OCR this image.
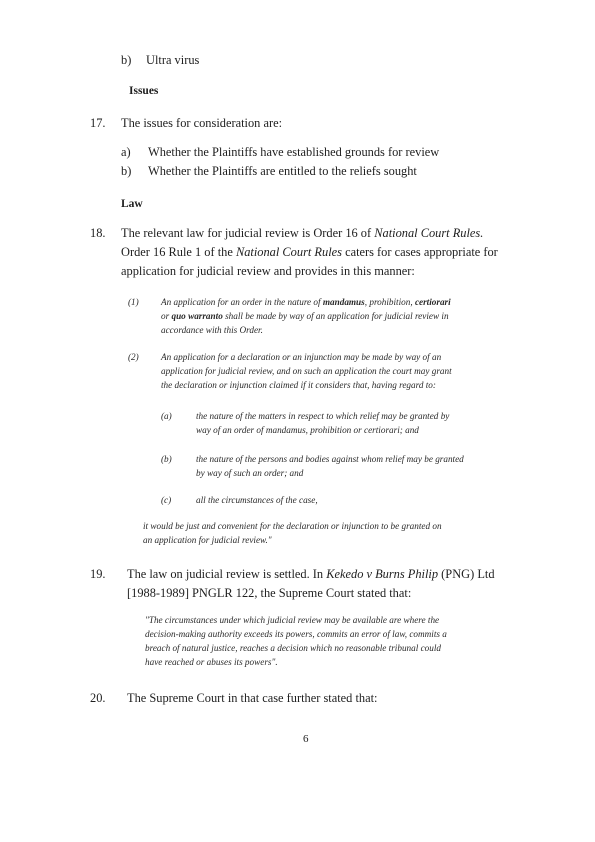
b) Ultra virus
Issues
17. The issues for consideration are:
a) Whether the Plaintiffs have established grounds for review
b) Whether the Plaintiffs are entitled to the reliefs sought
Law
18. The relevant law for judicial review is Order 16 of National Court Rules.
Order 16 Rule 1 of the National Court Rules caters for cases appropriate for
application for judicial review and provides in this manner:
(1) An application for an order in the nature of mandamus, prohibition, certiorari
or quo warranto shall be made by way of an application for judicial review in
accordance with this Order.
(2) An application for a declaration or an injunction may be made by way of an
application for judicial review, and on such an application the court may grant
the declaration or injunction claimed if it considers that, having regard to:
(a)	the nature of the matters in respect to which relief may be granted by
way of an order of mandamus, prohibition or certiorari; and
(b)	the nature of the persons and bodies against whom relief may be granted
by way of such an order; and
(c)	all the circumstances of the case,
it would be just and convenient for the declaration or injunction to be granted on
an application for judicial review."
19. The law on judicial review is settled. In Kekedo v Burns Philip (PNG) Ltd
[1988-1989] PNGLR 122, the Supreme Court stated that:
"The circumstances under which judicial review may be available are where the
decision-making authority exceeds its powers, commits an error of law, commits a
breach of natural justice, reaches a decision which no reasonable tribunal could
have reached or abuses its powers".
20. The Supreme Court in that case further stated that:
6
